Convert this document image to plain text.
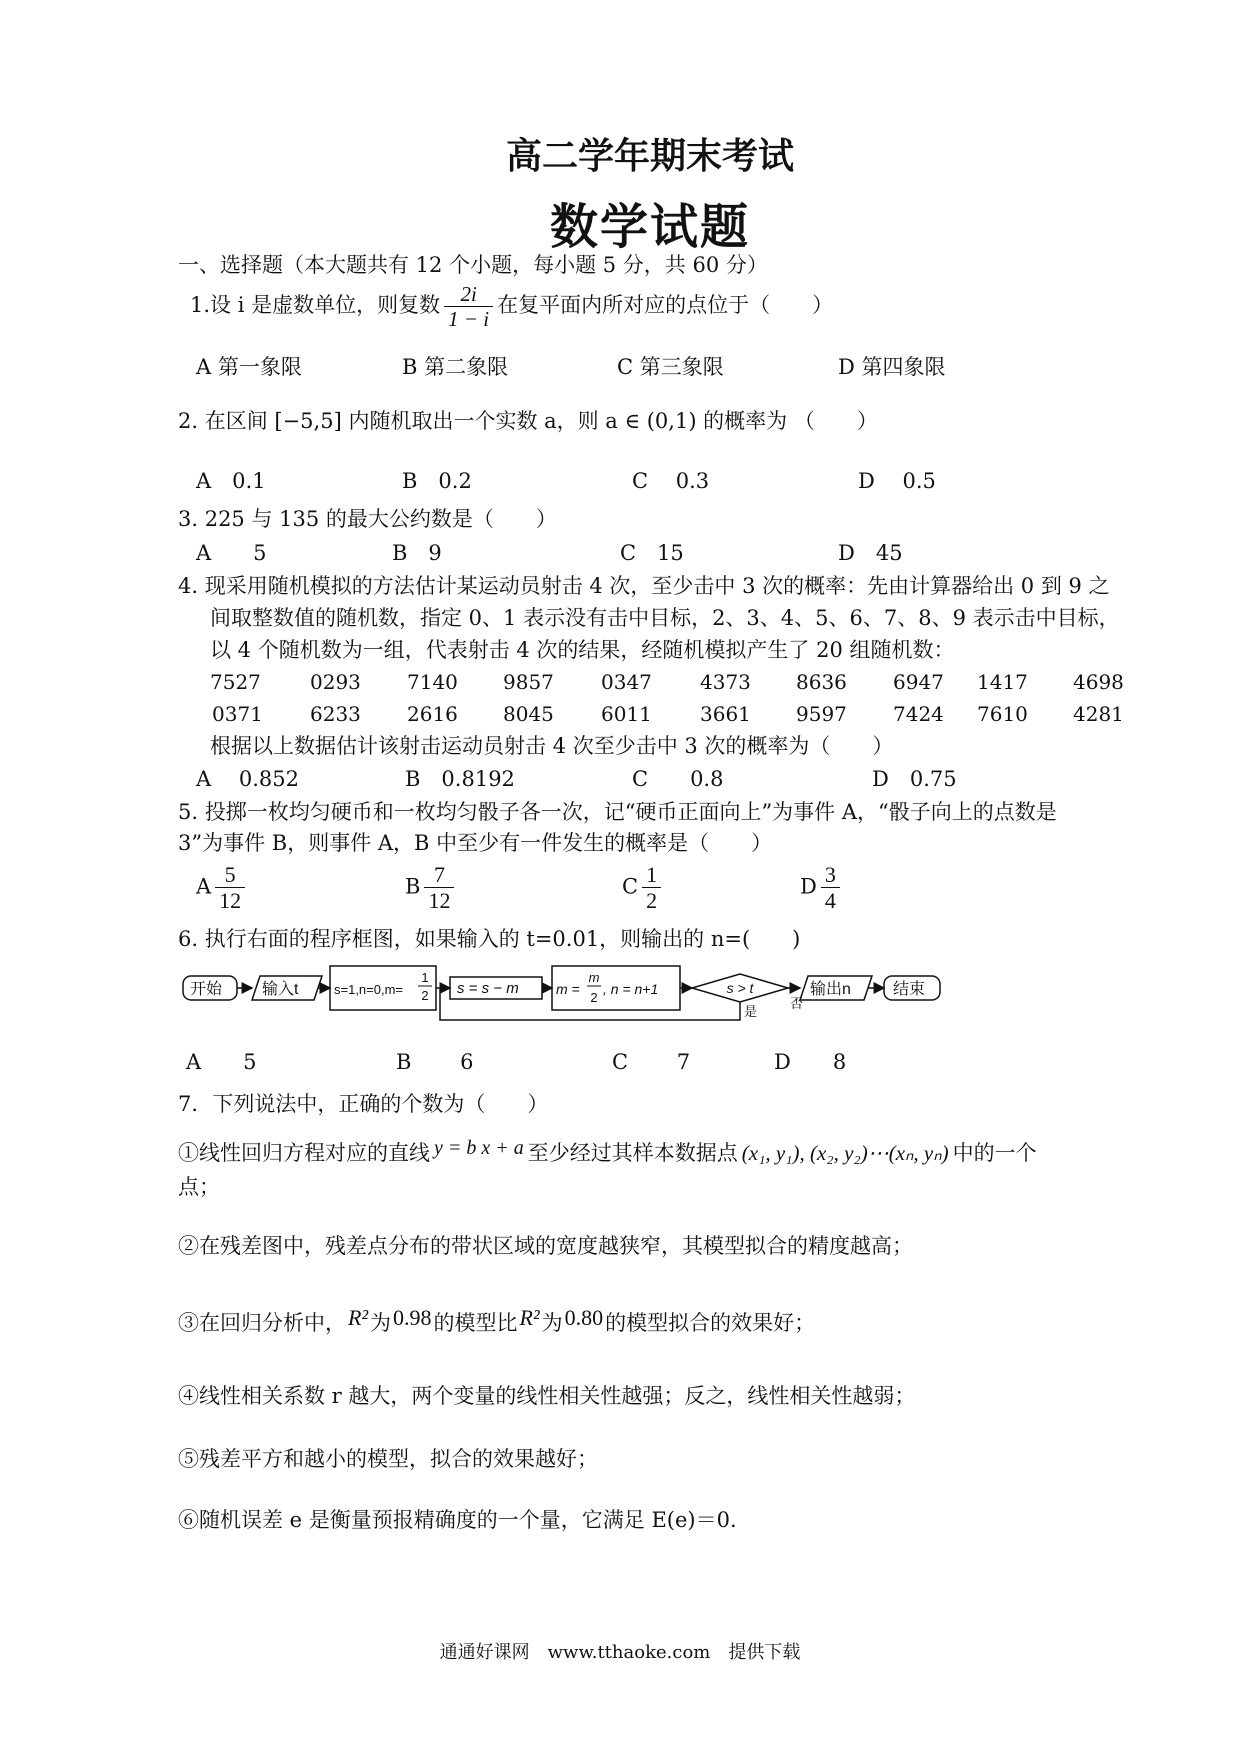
高二学年期末考试
数学试题
一、选择题（本大题共有 12 个小题，每小题 5 分，共 60 分）
1.设 i 是虚数单位，则复数 $\frac{2i}{1 - i}$ 在复平面内所对应的点位于（　　）
A 第一象限	B 第二象限	C 第三象限	D 第四象限
2. 在区间 [−5,5] 内随机取出一个实数 a，则 a ∈ (0,1) 的概率为 （　　）
A　0.1	B　0.2	C　 0.3	D　 0.5
3. 225 与 135 的最大公约数是（　　）
A　　5	B　9	C　15	D　45
4. 现采用随机模拟的方法估计某运动员射击 4 次，至少击中 3 次的概率：先由计算器给出 0 到 9 之
间取整数值的随机数，指定 0、1 表示没有击中目标，2、3、4、5、6、7、8、9 表示击中目标，
以 4 个随机数为一组，代表射击 4 次的结果，经随机模拟产生了 20 组随机数：
7527 0293 7140 9857 0347 4373 8636 6947 1417 4698
0371 6233 2616 8045 6011 3661 9597 7424 7610 4281
根据以上数据估计该射击运动员射击 4 次至少击中 3 次的概率为（　　）
A　 0.852	B　0.8192	C　　0.8	D　0.75
5. 投掷一枚均匀硬币和一枚均匀骰子各一次，记“硬币正面向上”为事件 A，“骰子向上的点数是
3”为事件 B，则事件 A，B 中至少有一件发生的概率是（　　）
A $\frac{5}{12}$	B $\frac{7}{12}$	C $\frac{1}{2}$	D $\frac{3}{4}$
6. 执行右面的程序框图，如果输入的 t=0.01，则输出的 n=(　　)
开始 输入t	s=1,n=0,m=
1
2 s = s − m	m =
m
2
, n = n+1	s > t
否
是
输出n	结束
A　　5	B　　 6	C　　 7	D　　8
7．下列说法中，正确的个数为（　　）
①线性回归方程对应的直线 y = b x + a 至少经过其样本数据点 (x₁, y₁), (x₂, y₂)⋯(xₙ, yₙ) 中的一个
点；
②在残差图中，残差点分布的带状区域的宽度越狭窄，其模型拟合的精度越高；
③在回归分析中，R²为0.98的模型比R²为0.80的模型拟合的效果好；
④线性相关系数 r 越大，两个变量的线性相关性越强；反之，线性相关性越弱；
⑤残差平方和越小的模型，拟合的效果越好；
⑥随机误差 e 是衡量预报精确度的一个量，它满足 E(e)＝0.
通通好课网　www.tthaoke.com　提供下载
